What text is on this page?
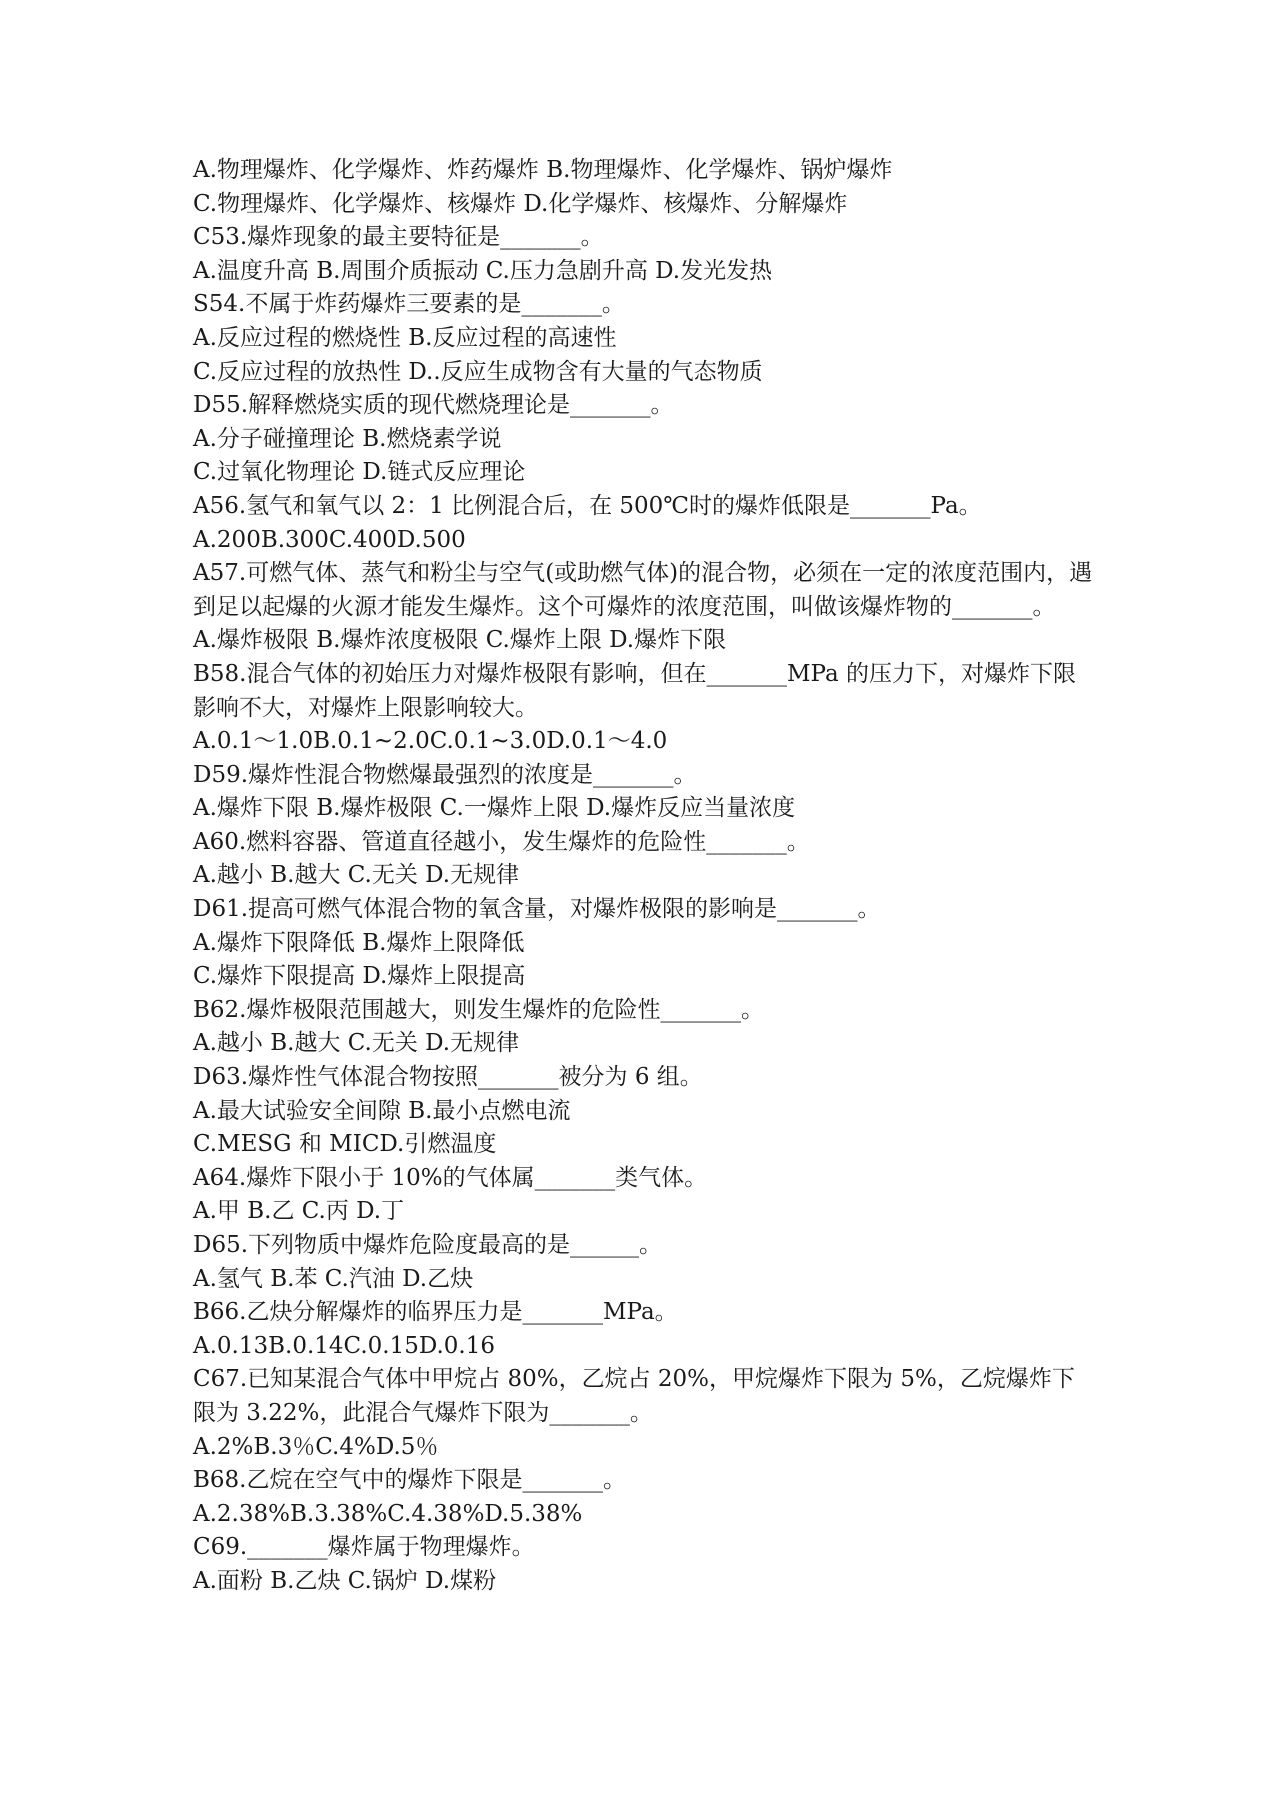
A.物理爆炸、化学爆炸、炸药爆炸 B.物理爆炸、化学爆炸、锅炉爆炸

C.物理爆炸、化学爆炸、核爆炸 D.化学爆炸、核爆炸、分解爆炸

C53.爆炸现象的最主要特征是_______。

A.温度升高 B.周围介质振动 C.压力急剧升高 D.发光发热

S54.不属于炸药爆炸三要素的是_______。

A.反应过程的燃烧性 B.反应过程的高速性

C.反应过程的放热性 D..反应生成物含有大量的气态物质

D55.解释燃烧实质的现代燃烧理论是_______。

A.分子碰撞理论 B.燃烧素学说

C.过氧化物理论 D.链式反应理论

A56.氢气和氧气以 2：1 比例混合后，在 500℃时的爆炸低限是_______Pa。

A.200B.300C.400D.500

A57.可燃气体、蒸气和粉尘与空气(或助燃气体)的混合物，必须在一定的浓度范围内，遇到足以起爆的火源才能发生爆炸。这个可爆炸的浓度范围，叫做该爆炸物的_______。

A.爆炸极限 B.爆炸浓度极限 C.爆炸上限 D.爆炸下限

B58.混合气体的初始压力对爆炸极限有影响，但在_______MPa 的压力下，对爆炸下限影响不大，对爆炸上限影响较大。

A.0.1～1.0B.0.1~2.0C.0.1~3.0D.0.1～4.0

D59.爆炸性混合物燃爆最强烈的浓度是_______。

A.爆炸下限 B.爆炸极限 C.一爆炸上限 D.爆炸反应当量浓度

A60.燃料容器、管道直径越小，发生爆炸的危险性_______。

A.越小 B.越大 C.无关 D.无规律

D61.提高可燃气体混合物的氧含量，对爆炸极限的影响是_______。

A.爆炸下限降低 B.爆炸上限降低

C.爆炸下限提高 D.爆炸上限提高

B62.爆炸极限范围越大，则发生爆炸的危险性_______。

A.越小 B.越大 C.无关 D.无规律

D63.爆炸性气体混合物按照_______被分为 6 组。

A.最大试验安全间隙 B.最小点燃电流

C.MESG 和 MICD.引燃温度

A64.爆炸下限小于 10%的气体属_______类气体。

A.甲 B.乙 C.丙 D.丁

D65.下列物质中爆炸危险度最高的是______。

A.氢气 B.苯 C.汽油 D.乙炔

B66.乙炔分解爆炸的临界压力是_______MPa。

A.0.13B.0.14C.0.15D.0.16

C67.已知某混合气体中甲烷占 80%，乙烷占 20%，甲烷爆炸下限为 5%，乙烷爆炸下限为 3.22%，此混合气爆炸下限为_______。

A.2%B.3％C.4%D.5％

B68.乙烷在空气中的爆炸下限是_______。

A.2.38%B.3.38%C.4.38%D.5.38%

C69._______爆炸属于物理爆炸。

A.面粉 B.乙炔 C.锅炉 D.煤粉
